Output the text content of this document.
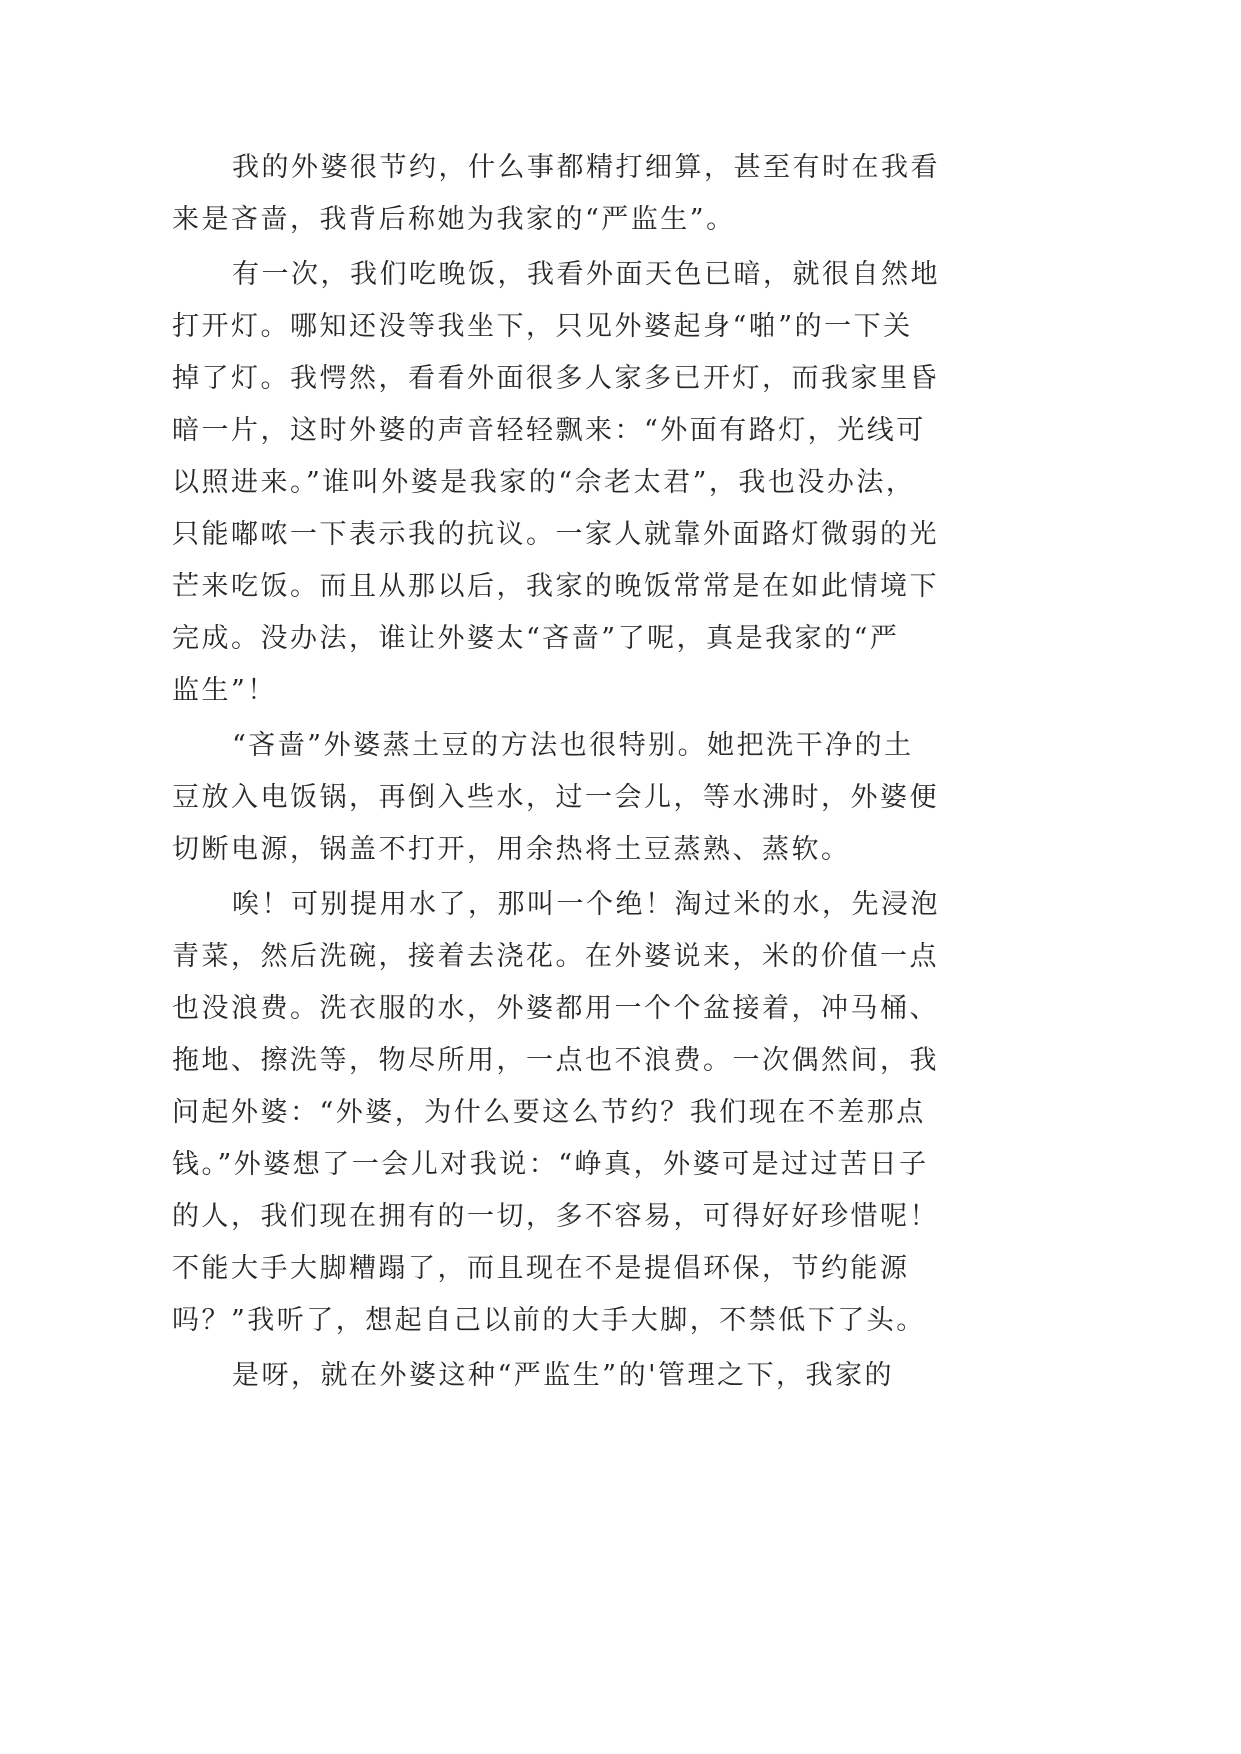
我的外婆很节约，什么事都精打细算，甚至有时在我看
来是吝啬，我背后称她为我家的“严监生”。
有一次，我们吃晚饭，我看外面天色已暗，就很自然地
打开灯。哪知还没等我坐下，只见外婆起身“啪”的一下关
掉了灯。我愕然，看看外面很多人家多已开灯，而我家里昏
暗一片，这时外婆的声音轻轻飘来：“外面有路灯，光线可
以照进来。”谁叫外婆是我家的“佘老太君”，我也没办法，
只能嘟哝一下表示我的抗议。一家人就靠外面路灯微弱的光
芒来吃饭。而且从那以后，我家的晚饭常常是在如此情境下
完成。没办法，谁让外婆太“吝啬”了呢，真是我家的“严
监生”！
“吝啬”外婆蒸土豆的方法也很特别。她把洗干净的土
豆放入电饭锅，再倒入些水，过一会儿，等水沸时，外婆便
切断电源，锅盖不打开，用余热将土豆蒸熟、蒸软。
唉！可别提用水了，那叫一个绝！淘过米的水，先浸泡
青菜，然后洗碗，接着去浇花。在外婆说来，米的价值一点
也没浪费。洗衣服的水，外婆都用一个个盆接着，冲马桶、
拖地、擦洗等，物尽所用，一点也不浪费。一次偶然间，我
问起外婆：“外婆，为什么要这么节约？我们现在不差那点
钱。”外婆想了一会儿对我说：“峥真，外婆可是过过苦日子
的人，我们现在拥有的一切，多不容易，可得好好珍惜呢！
不能大手大脚糟蹋了，而且现在不是提倡环保，节约能源
吗？”我听了，想起自己以前的大手大脚，不禁低下了头。
是呀，就在外婆这种“严监生”的'管理之下，我家的
